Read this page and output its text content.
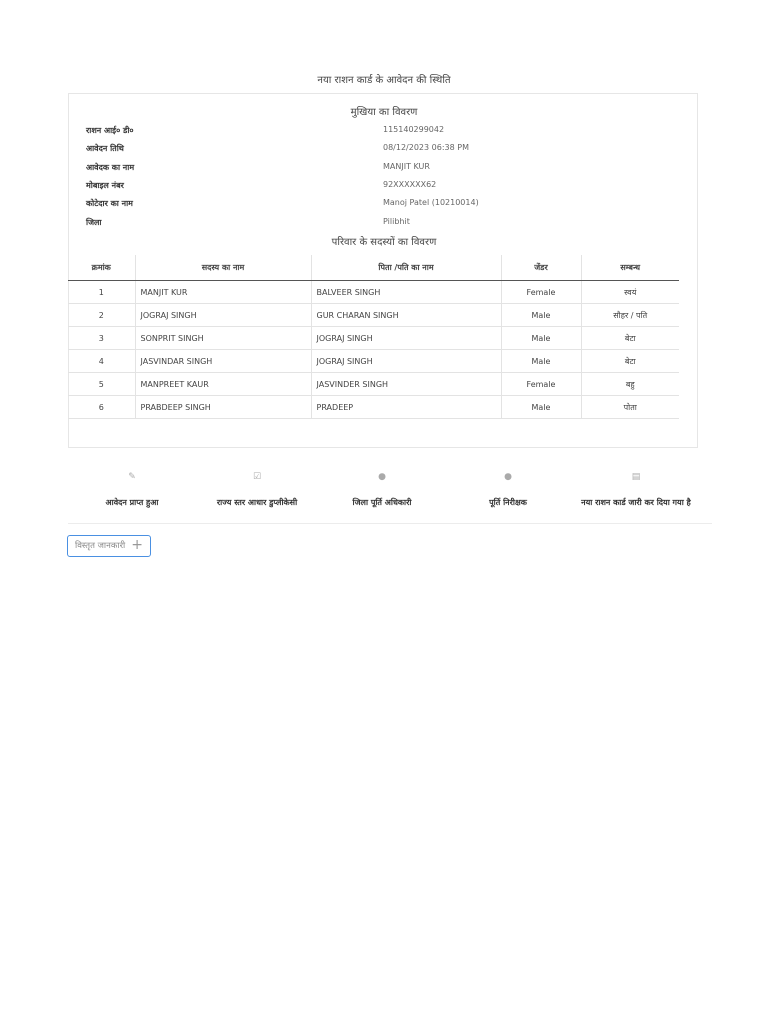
नया राशन कार्ड के आवेदन की स्थिति
मुखिया का विवरण
राशन आई० डी०	115140299042
आवेदन तिथि	08/12/2023 06:38 PM
आवेदक का नाम	MANJIT KUR
मोबाइल नंबर	92XXXXXX62
कोटेदार का नाम	Manoj Patel (10210014)
जिला	Pilibhit
परिवार के सदस्यों का विवरण
क्रमांक	सदस्य का नाम	पिता /पति का नाम	जेंडर	सम्बन्ध
1	MANJIT KUR	BALVEER SINGH	Female	स्वयं
2	JOGRAJ SINGH	GUR CHARAN SINGH	Male	सौहर / पति
3	SONPRIT SINGH	JOGRAJ SINGH	Male	बेटा
4	JASVINDAR SINGH	JOGRAJ SINGH	Male	बेटा
5	MANPREET KAUR	JASVINDER SINGH	Female	बहु
6	PRABDEEP SINGH	PRADEEP	Male	पोता
✎
आवेदन प्राप्त हुआ
☑
राज्य स्तर आधार डुप्लीकेसी
●
जिला पूर्ति अधिकारी
●
पूर्ति निरीक्षक
▤
नया राशन कार्ड जारी कर दिया गया है
विस्तृत जानकारी +
